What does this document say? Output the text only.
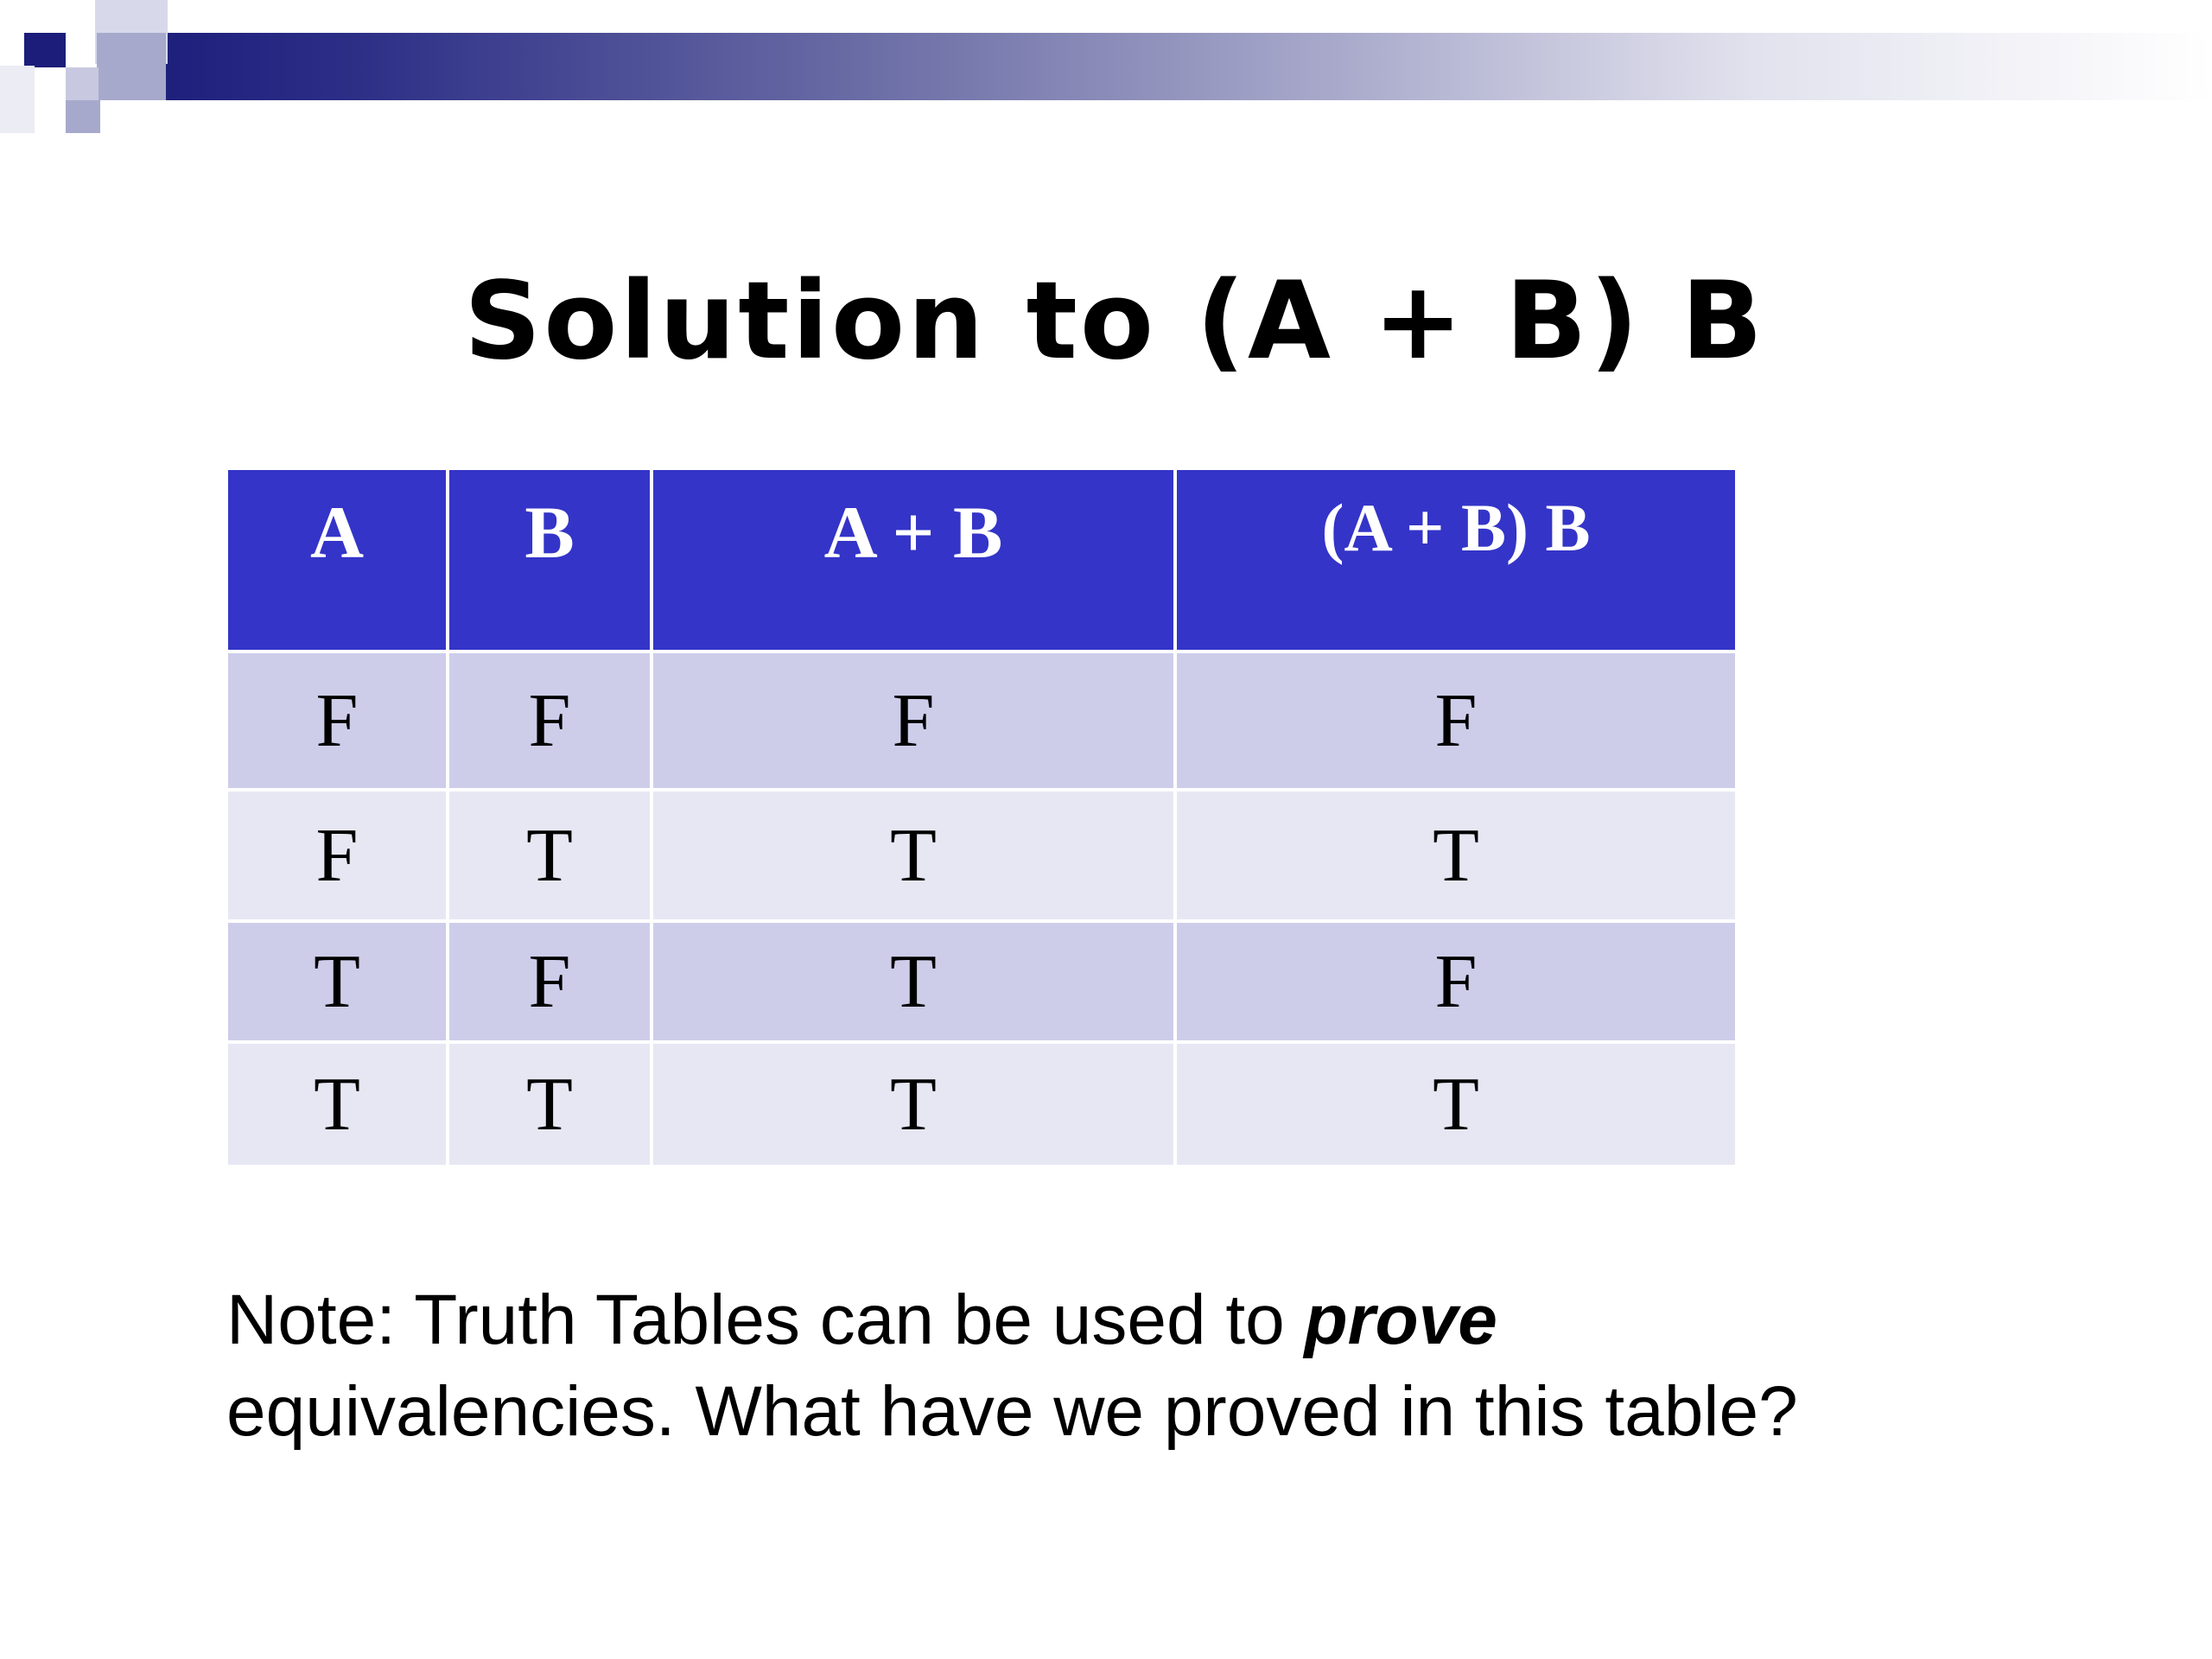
Solution to (A + B) B
A	B	A + B	(A + B) B
F	F	F	F
F	T	T	T
T	F	T	F
T	T	T	T
Note: Truth Tables can be used to prove
equivalencies. What have we proved in this table?
